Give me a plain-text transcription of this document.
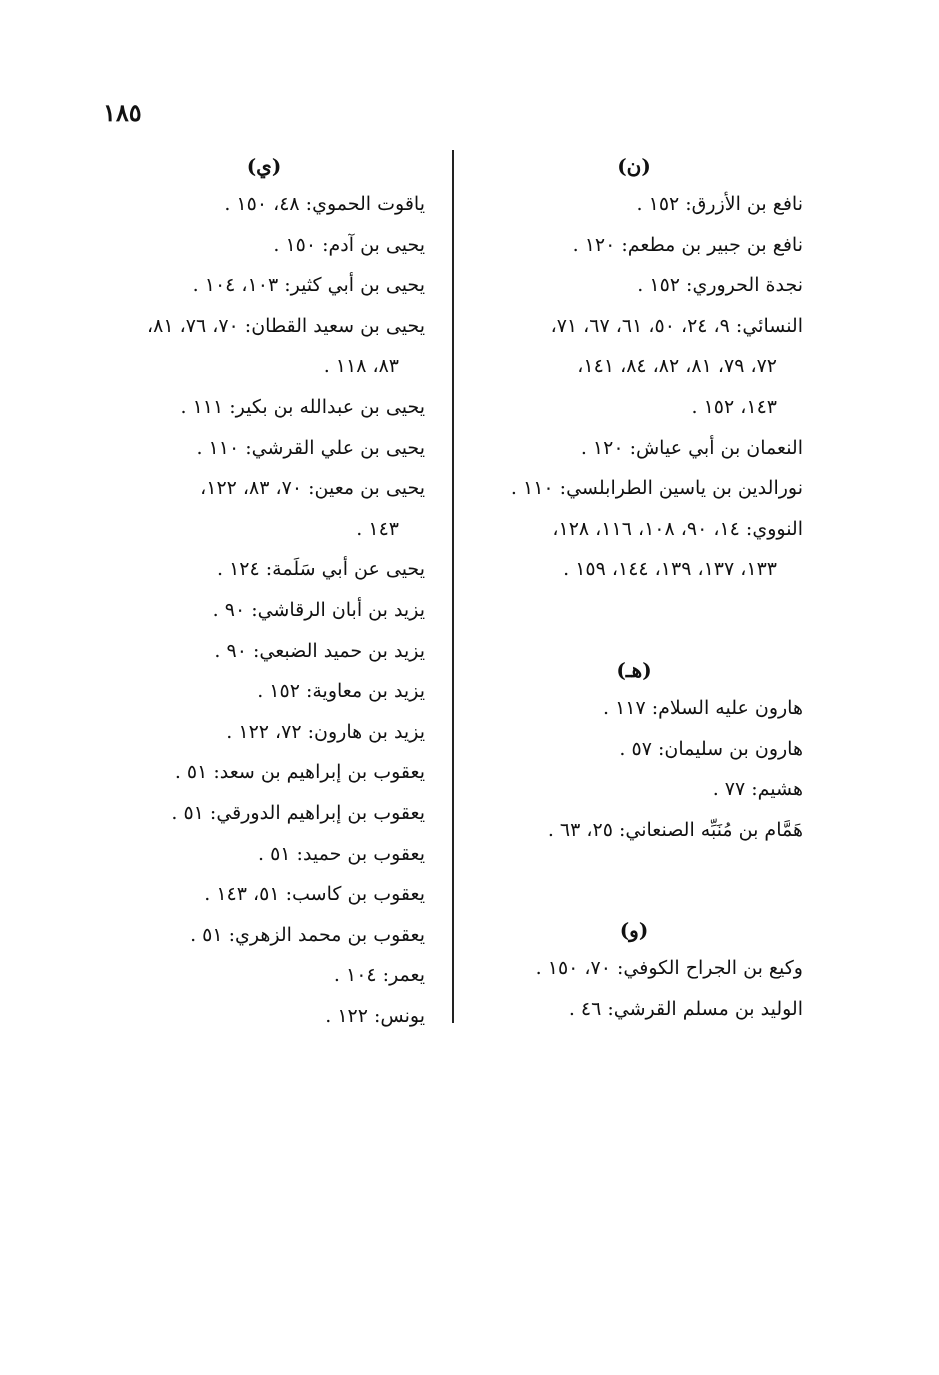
١٨٥
(ن)
نافع بن الأزرق: ١٥٢ .
نافع بن جبير بن مطعم: ١٢٠ .
نجدة الحروري: ١٥٢ .
النسائي: ٩، ٢٤، ٥٠، ٦١، ٦٧، ٧١،
٧٢، ٧٩، ٨١، ٨٢، ٨٤، ١٤١،
١٤٣، ١٥٢ .
النعمان بن أبي عياش: ١٢٠ .
نورالدين بن ياسين الطرابلسي: ١١٠ .
النووي: ١٤، ٩٠، ١٠٨، ١١٦، ١٢٨،
١٣٣، ١٣٧، ١٣٩، ١٤٤، ١٥٩ .
(هـ)
هارون عليه السلام: ١١٧ .
هارون بن سليمان: ٥٧ .
هشيم: ٧٧ .
هَمَّام بن مُنَبِّه الصنعاني: ٢٥، ٦٣ .
(و)
وكيع بن الجراح الكوفي: ٧٠، ١٥٠ .
الوليد بن مسلم القرشي: ٤٦ .
(ي)
ياقوت الحموي: ٤٨، ١٥٠ .
يحيى بن آدم: ١٥٠ .
يحيى بن أبي كثير: ١٠٣، ١٠٤ .
يحيى بن سعيد القطان: ٧٠، ٧٦، ٨١،
٨٣، ١١٨ .
يحيى بن عبدالله بن بكير: ١١١ .
يحيى بن علي القرشي: ١١٠ .
يحيى بن معين: ٧٠، ٨٣، ١٢٢،
١٤٣ .
يحيى عن أبي سَلَمة: ١٢٤ .
يزيد بن أبان الرقاشي: ٩٠ .
يزيد بن حميد الضبعي: ٩٠ .
يزيد بن معاوية: ١٥٢ .
يزيد بن هارون: ٧٢، ١٢٢ .
يعقوب بن إبراهيم بن سعد: ٥١ .
يعقوب بن إبراهيم الدورقي: ٥١ .
يعقوب بن حميد: ٥١ .
يعقوب بن كاسب: ٥١، ١٤٣ .
يعقوب بن محمد الزهري: ٥١ .
يعمر: ١٠٤ .
يونس: ١٢٢ .
